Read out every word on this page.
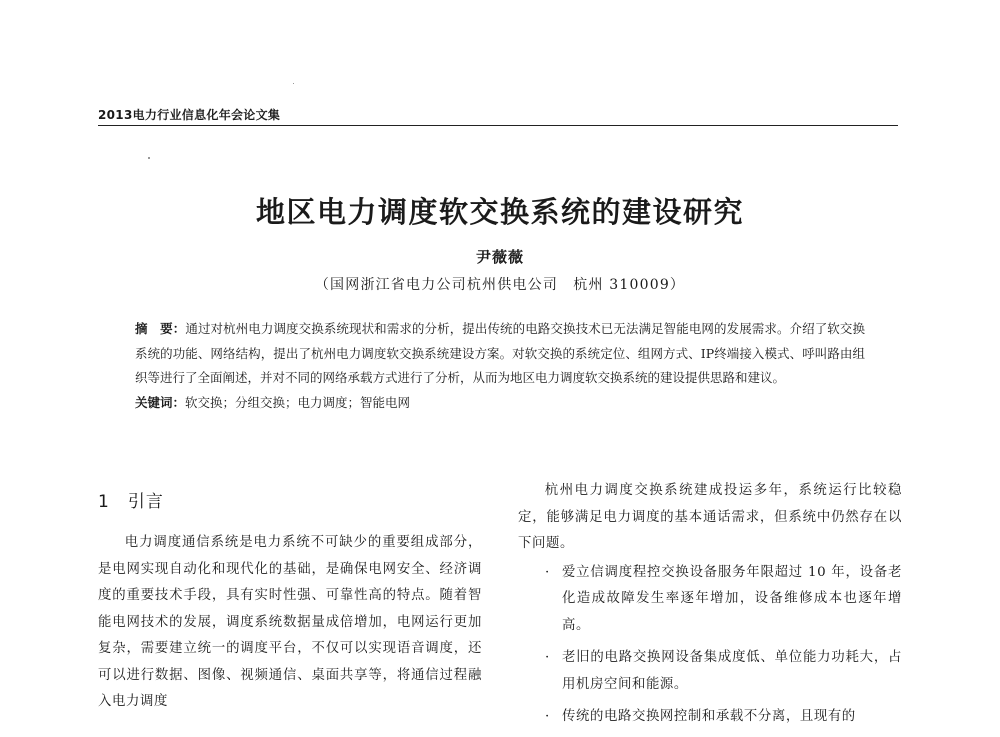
2013电力行业信息化年会论文集
地区电力调度软交换系统的建设研究
尹薇薇
（国网浙江省电力公司杭州供电公司　杭州 310009）

摘　要：通过对杭州电力调度交换系统现状和需求的分析，提出传统的电路交换技术已无法满足智能电网的发展需求。介绍了软交换系统的功能、网络结构，提出了杭州电力调度软交换系统建设方案。对软交换的系统定位、组网方式、IP终端接入模式、呼叫路由组织等进行了全面阐述，并对不同的网络承载方式进行了分析，从而为地区电力调度软交换系统的建设提供思路和建议。

关键词：软交换；分组交换；电力调度；智能电网

1 引言

电力调度通信系统是电力系统不可缺少的重要组成部分，是电网实现自动化和现代化的基础，是确保电网安全、经济调度的重要技术手段，具有实时性强、可靠性高的特点。随着智能电网技术的发展，调度系统数据量成倍增加，电网运行更加复杂，需要建立统一的调度平台，不仅可以实现语音调度，还可以进行数据、图像、视频通信、桌面共享等，将通信过程融入电力调度

杭州电力调度交换系统建成投运多年，系统运行比较稳定，能够满足电力调度的基本通话需求，但系统中仍然存在以下问题。

· 爱立信调度程控交换设备服务年限超过 10 年，设备老化造成故障发生率逐年增加，设备维修成本也逐年增高。
· 老旧的电路交换网设备集成度低、单位能力功耗大，占用机房空间和能源。
· 传统的电路交换网控制和承载不分离，且现有的
